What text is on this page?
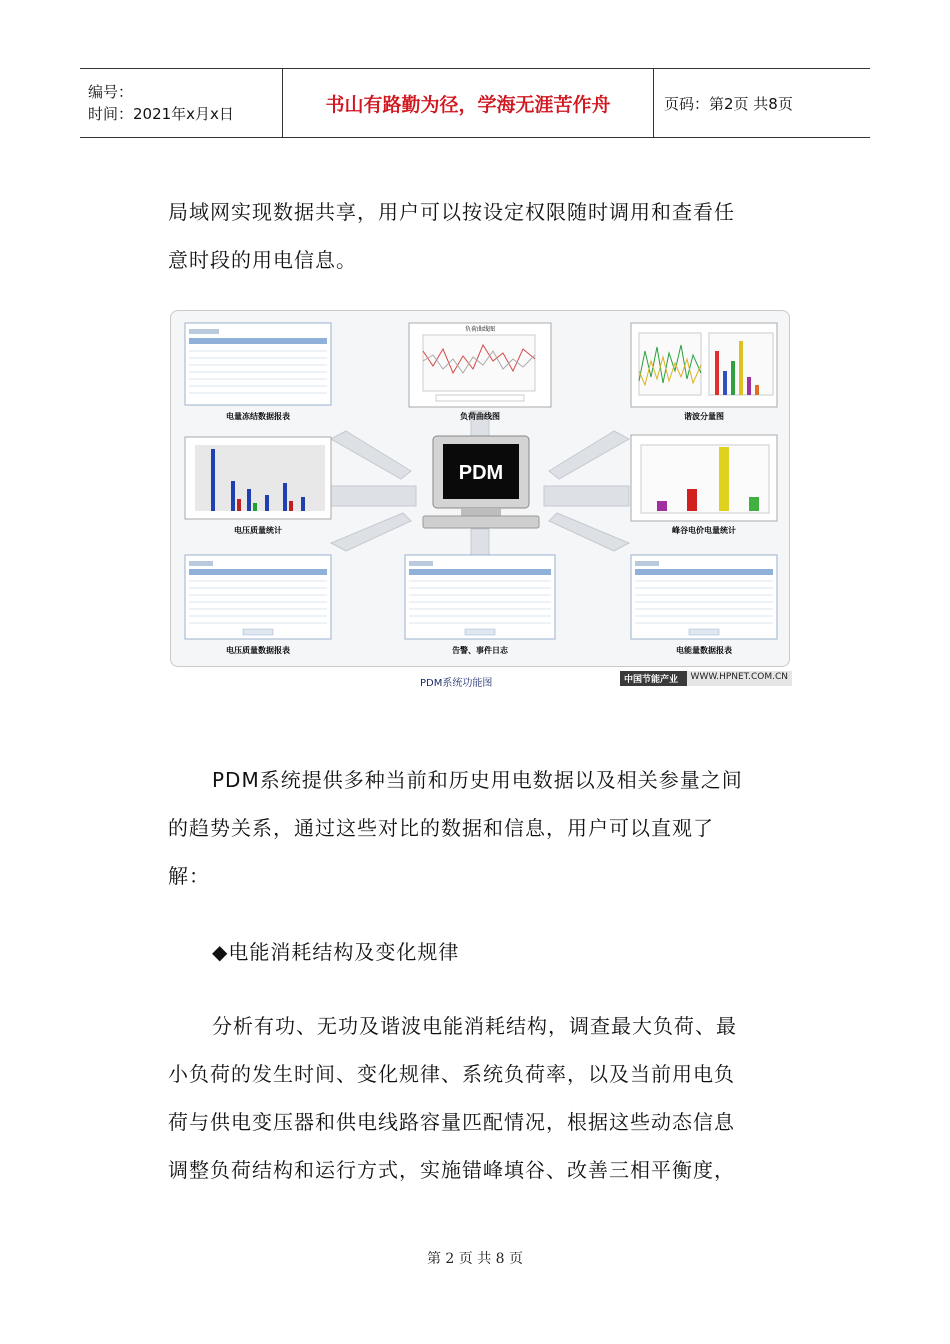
编号：
时间：2021年x月x日	书山有路勤为径，学海无涯苦作舟	页码：第2页 共8页
局域网实现数据共享，用户可以按设定权限随时调用和查看任
意时段的用电信息。
PDM
电量冻结数据报表
负荷曲线图
负荷曲线图	谐波分量图
电压质量统计	峰谷电价电量统计
电压质量数据报表	告警、事件日志	电能量数据报表
PDM系统功能图	中国节能产业网
WWW.HPNET.COM.CN
PDM系统提供多种当前和历史用电数据以及相关参量之间
的趋势关系，通过这些对比的数据和信息，用户可以直观了
解：
◆电能消耗结构及变化规律
分析有功、无功及谐波电能消耗结构，调查最大负荷、最
小负荷的发生时间、变化规律、系统负荷率，以及当前用电负
荷与供电变压器和供电线路容量匹配情况，根据这些动态信息
调整负荷结构和运行方式，实施错峰填谷、改善三相平衡度，
第 2 页 共 8 页
